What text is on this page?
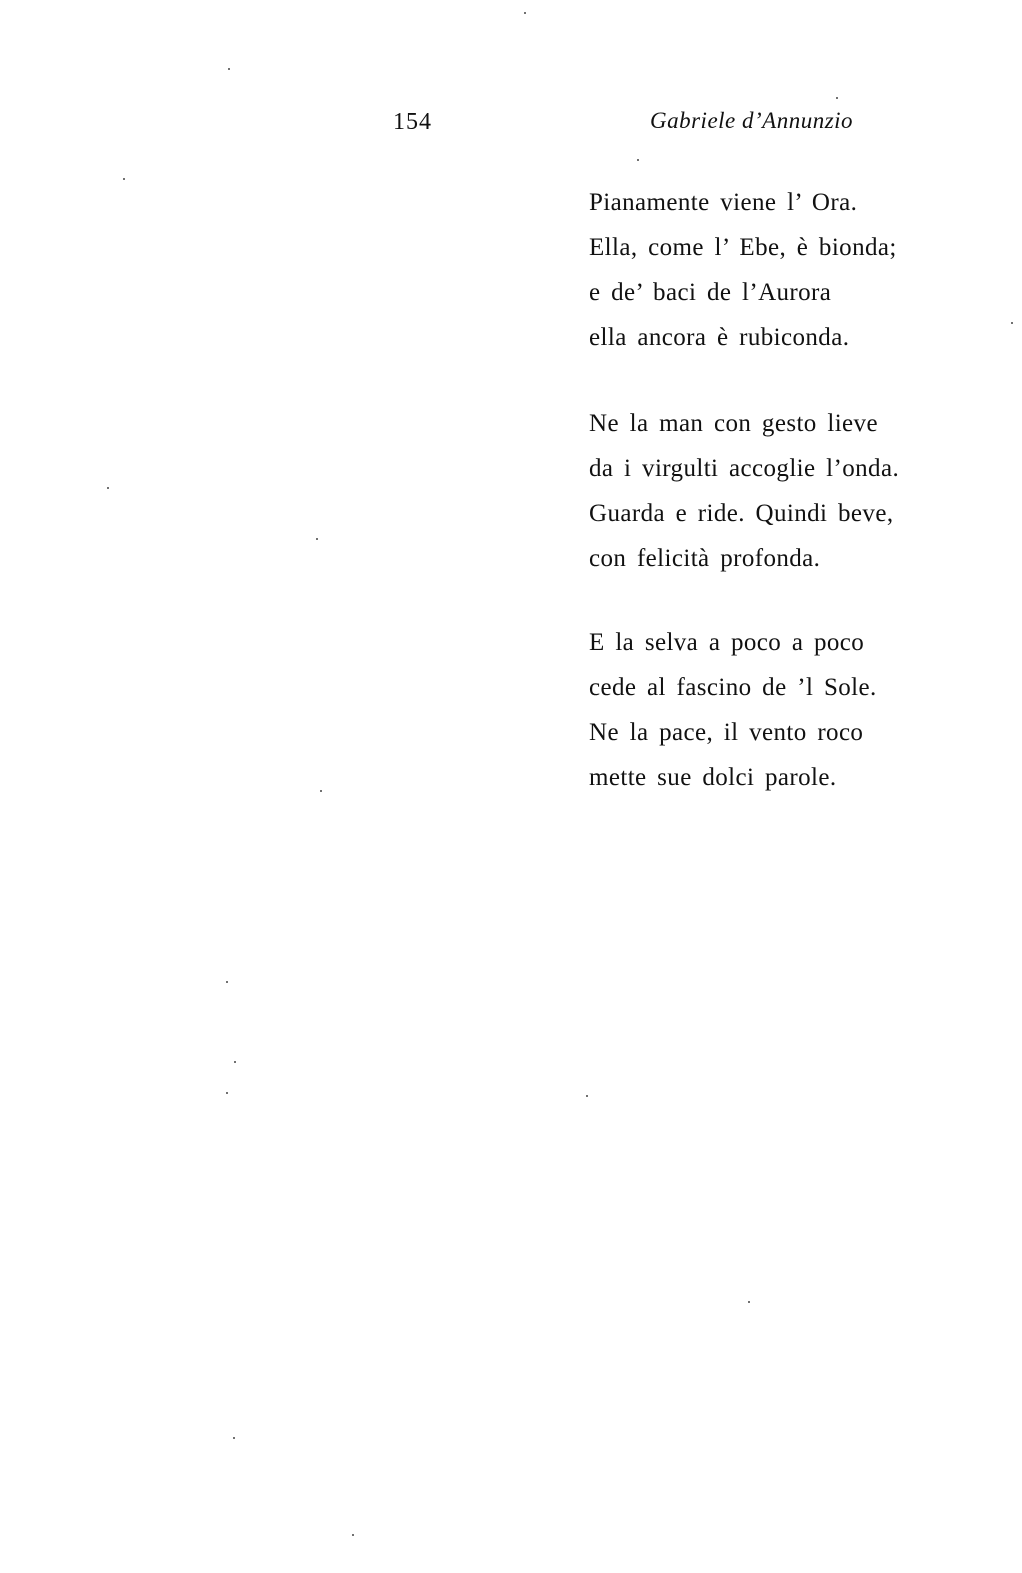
154	Gabriele d’Annunzio
Pianamente viene l’ Ora.
Ella, come l’ Ebe, è bionda;
e de’ baci de l’Aurora
ella ancora è rubiconda.
Ne la man con gesto lieve
da i virgulti accoglie l’onda.
Guarda e ride. Quindi beve,
con felicità profonda.
E la selva a poco a poco
cede al fascino de ’l Sole.
Ne la pace, il vento roco
mette sue dolci parole.
